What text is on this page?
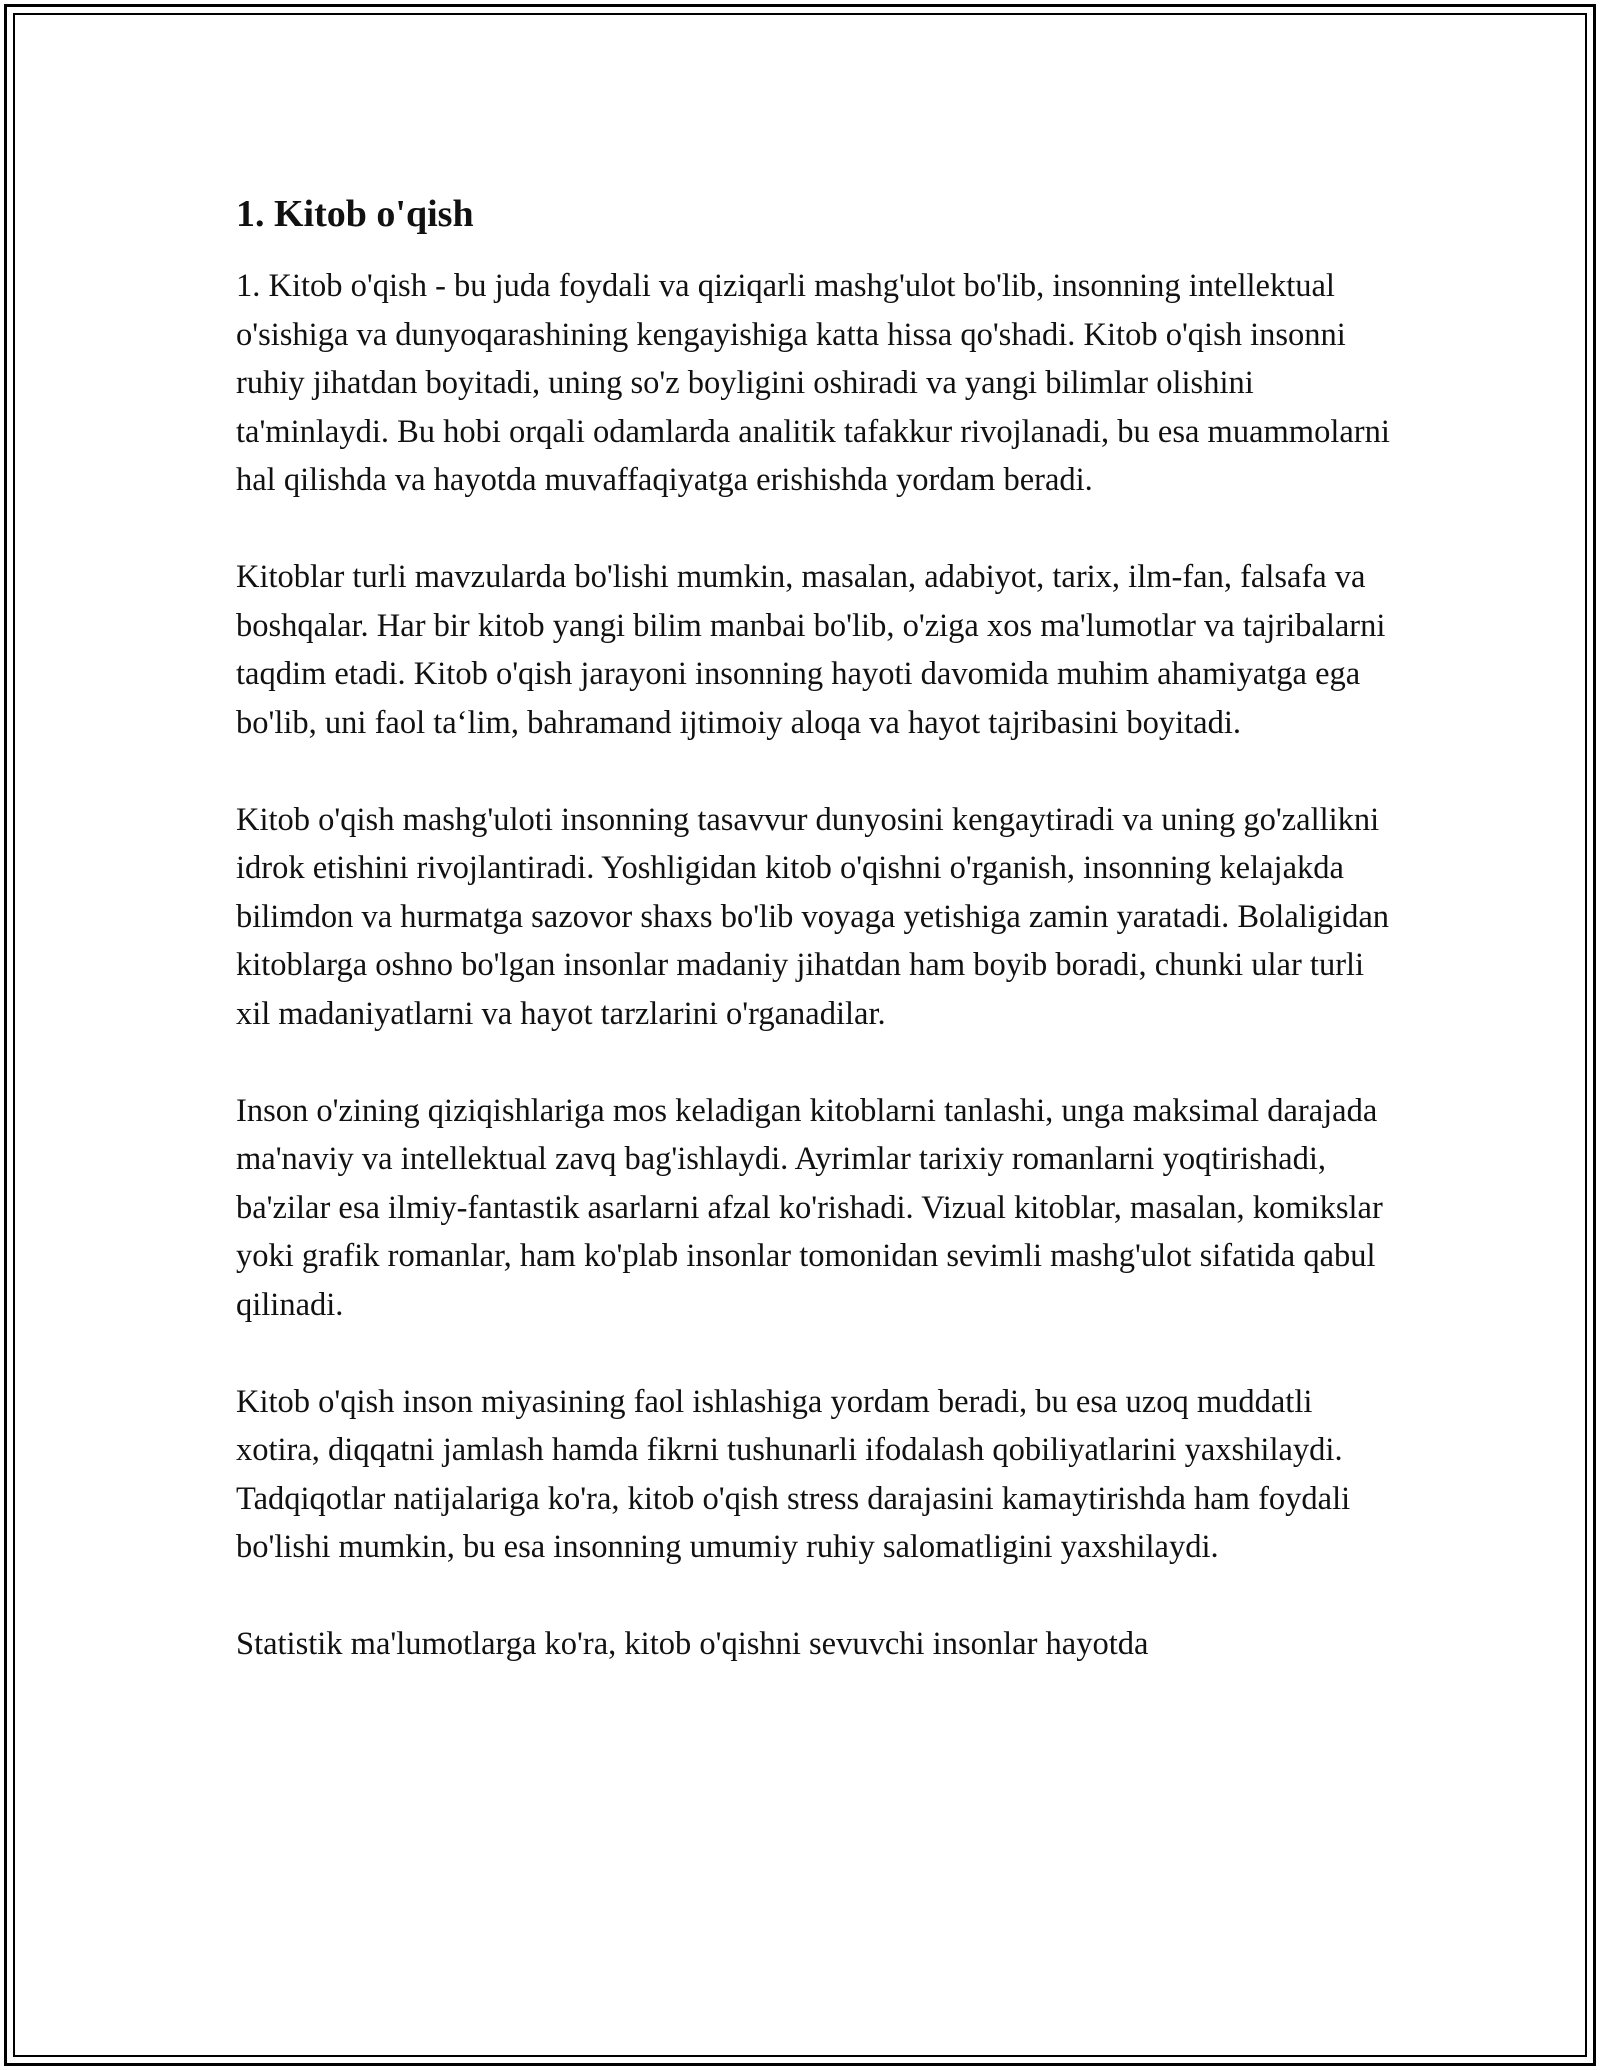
1. Kitob o'qish

1. Kitob o'qish - bu juda foydali va qiziqarli mashg'ulot bo'lib, insonning intellektual o'sishiga va dunyoqarashining kengayishiga katta hissa qo'shadi. Kitob o'qish insonni ruhiy jihatdan boyitadi, uning so'z boyligini oshiradi va yangi bilimlar olishini ta'minlaydi. Bu hobi orqali odamlarda analitik tafakkur rivojlanadi, bu esa muammolarni hal qilishda va hayotda muvaffaqiyatga erishishda yordam beradi.

Kitoblar turli mavzularda bo'lishi mumkin, masalan, adabiyot, tarix, ilm-fan, falsafa va boshqalar. Har bir kitob yangi bilim manbai bo'lib, o'ziga xos ma'lumotlar va tajribalarni taqdim etadi. Kitob o'qish jarayoni insonning hayoti davomida muhim ahamiyatga ega bo'lib, uni faol ta‘lim, bahramand ijtimoiy aloqa va hayot tajribasini boyitadi.

Kitob o'qish mashg'uloti insonning tasavvur dunyosini kengaytiradi va uning go'zallikni idrok etishini rivojlantiradi. Yoshligidan kitob o'qishni o'rganish, insonning kelajakda bilimdon va hurmatga sazovor shaxs bo'lib voyaga yetishiga zamin yaratadi. Bolaligidan kitoblarga oshno bo'lgan insonlar madaniy jihatdan ham boyib boradi, chunki ular turli xil madaniyatlarni va hayot tarzlarini o'rganadilar.

Inson o'zining qiziqishlariga mos keladigan kitoblarni tanlashi, unga maksimal darajada ma'naviy va intellektual zavq bag'ishlaydi. Ayrimlar tarixiy romanlarni yoqtirishadi, ba'zilar esa ilmiy-fantastik asarlarni afzal ko'rishadi. Vizual kitoblar, masalan, komikslar yoki grafik romanlar, ham ko'plab insonlar tomonidan sevimli mashg'ulot sifatida qabul qilinadi.

Kitob o'qish inson miyasining faol ishlashiga yordam beradi, bu esa uzoq muddatli xotira, diqqatni jamlash hamda fikrni tushunarli ifodalash qobiliyatlarini yaxshilaydi. Tadqiqotlar natijalariga ko'ra, kitob o'qish stress darajasini kamaytirishda ham foydali bo'lishi mumkin, bu esa insonning umumiy ruhiy salomatligini yaxshilaydi.

Statistik ma'lumotlarga ko'ra, kitob o'qishni sevuvchi insonlar hayotda
